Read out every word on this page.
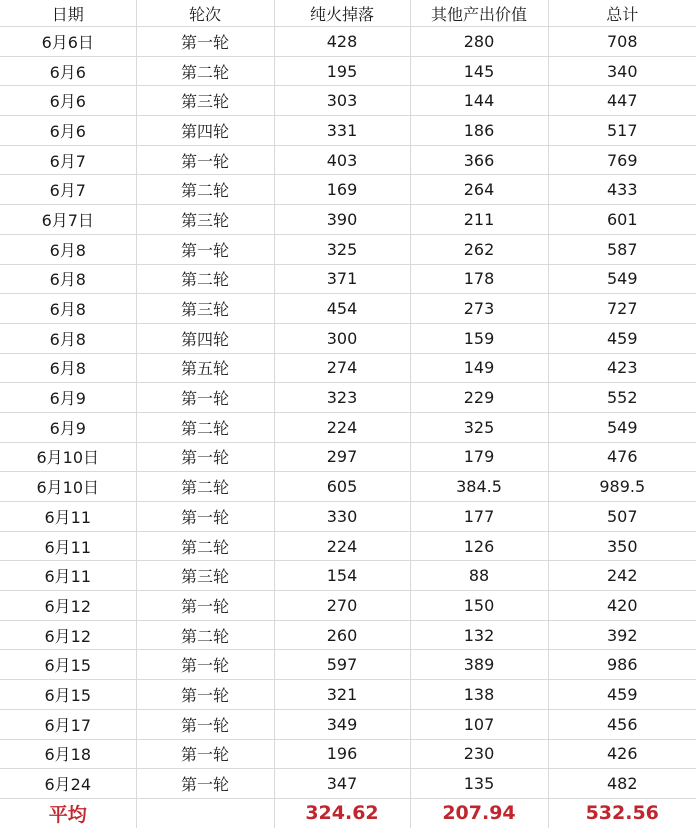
日期	轮次	纯火掉落	其他产出价值	总计
6月6日	第一轮	428	280	708
6月6	第二轮	195	145	340
6月6	第三轮	303	144	447
6月6	第四轮	331	186	517
6月7	第一轮	403	366	769
6月7	第二轮	169	264	433
6月7日	第三轮	390	211	601
6月8	第一轮	325	262	587
6月8	第二轮	371	178	549
6月8	第三轮	454	273	727
6月8	第四轮	300	159	459
6月8	第五轮	274	149	423
6月9	第一轮	323	229	552
6月9	第二轮	224	325	549
6月10日	第一轮	297	179	476
6月10日	第二轮	605	384.5	989.5
6月11	第一轮	330	177	507
6月11	第二轮	224	126	350
6月11	第三轮	154	88	242
6月12	第一轮	270	150	420
6月12	第二轮	260	132	392
6月15	第一轮	597	389	986
6月15	第一轮	321	138	459
6月17	第一轮	349	107	456
6月18	第一轮	196	230	426
6月24	第一轮	347	135	482
平均		324.62	207.94	532.56
